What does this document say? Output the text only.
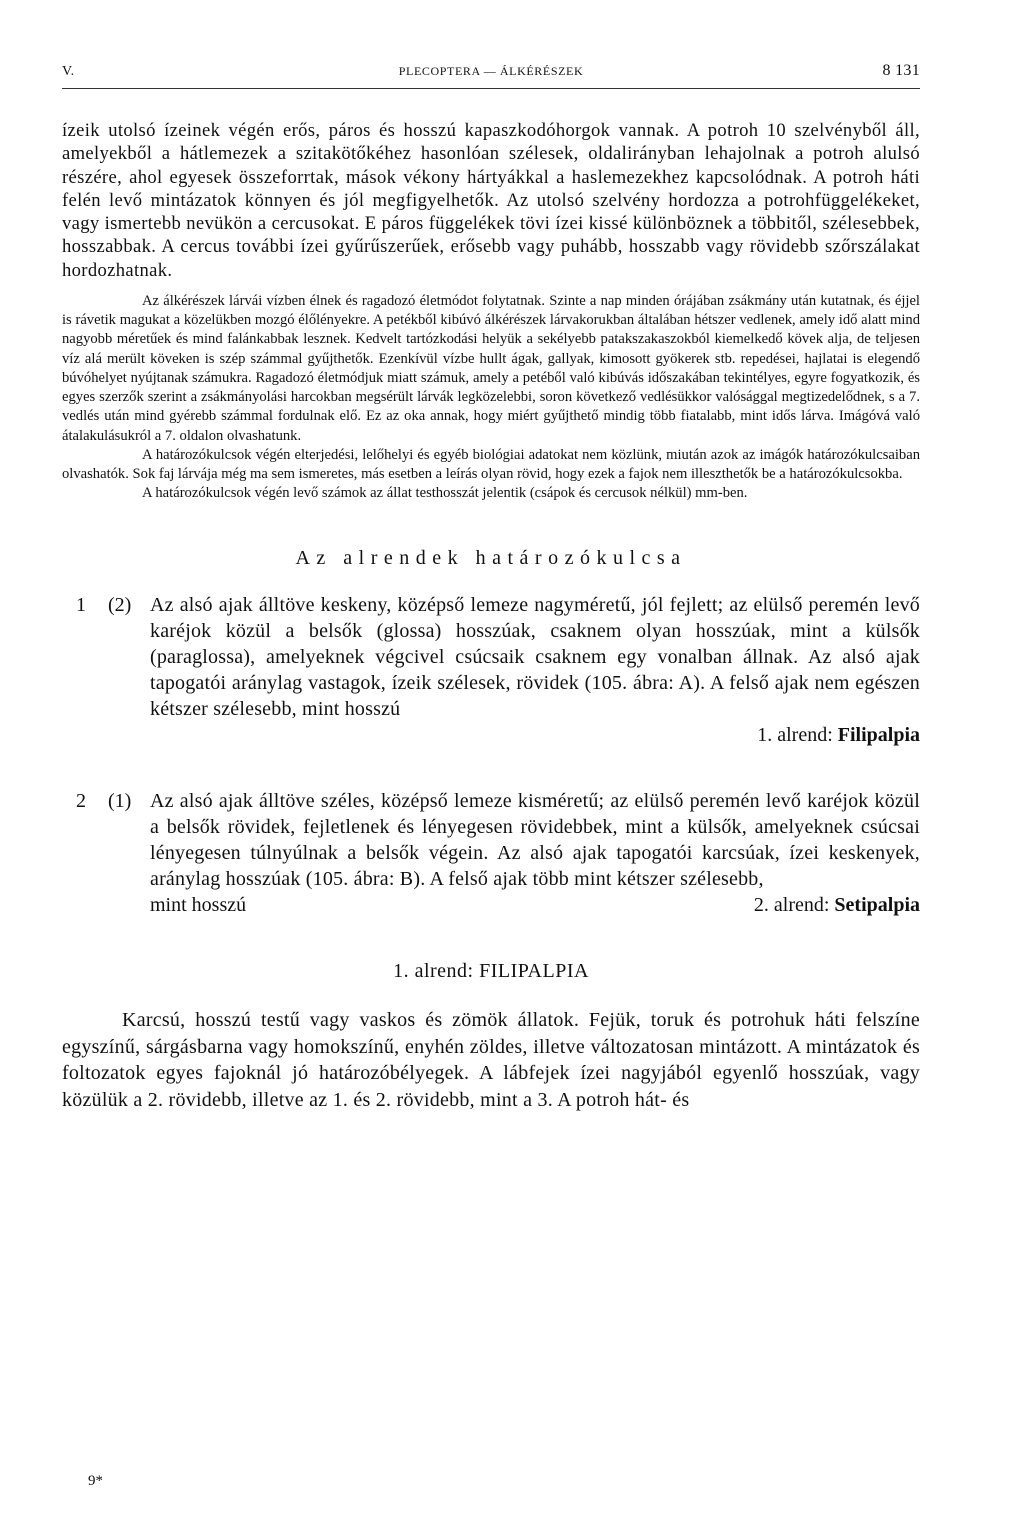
V.	PLECOPTERA — ÁLKÉRÉSZEK	8 131

ízeik utolsó ízeinek végén erős, páros és hosszú kapaszkodóhorgok vannak. A potroh 10 szelvényből áll, amelyekből a hátlemezek a szitakötőkéhez hasonlóan szélesek, oldalirányban lehajolnak a potroh alulsó részére, ahol egyesek összeforrtak, mások vékony hártyákkal a haslemezekhez kapcsolódnak. A potroh háti felén levő mintázatok könnyen és jól megfigyelhetők. Az utolsó szelvény hordozza a potrohfüggelékeket, vagy ismertebb nevükön a cercusokat. E páros függelékek tövi ízei kissé különböznek a többitől, szélesebbek, hosszabbak. A cercus további ízei gyűrűszerűek, erősebb vagy puhább, hosszabb vagy rövidebb szőrszálakat hordozhatnak.

Az álkérészek lárvái vízben élnek és ragadozó életmódot folytatnak. Szinte a nap minden órájában zsákmány után kutatnak, és éjjel is rávetik magukat a közelükben mozgó élőlényekre. A petékből kibúvó álkérészek lárvakorukban általában hétszer vedlenek, amely idő alatt mind nagyobb méretűek és mind falánkabbak lesznek. Kedvelt tartózkodási helyük a sekélyebb patakszakaszokból kiemelkedő kövek alja, de teljesen víz alá merült köveken is szép számmal gyűjthetők. Ezenkívül vízbe hullt ágak, gallyak, kimosott gyökerek stb. repedései, hajlatai is elegendő búvóhelyet nyújtanak számukra. Ragadozó életmódjuk miatt számuk, amely a petéből való kibúvás időszakában tekintélyes, egyre fogyatkozik, és egyes szerzők szerint a zsákmányolási harcokban megsérült lárvák legközelebbi, soron következő vedlésükkor valósággal megtizedelődnek, s a 7. vedlés után mind gyérebb számmal fordulnak elő. Ez az oka annak, hogy miért gyűjthető mindig több fiatalabb, mint idős lárva. Imágóvá való átalakulásukról a 7. oldalon olvashatunk.

A határozókulcsok végén elterjedési, lelőhelyi és egyéb biológiai adatokat nem közlünk, miután azok az imágók határozókulcsaiban olvashatók. Sok faj lárvája még ma sem ismeretes, más esetben a leírás olyan rövid, hogy ezek a fajok nem illeszthetők be a határozókulcsokba.

A határozókulcsok végén levő számok az állat testhosszát jelentik (csápok és cercusok nélkül) mm-ben.

Az alrendek határozókulcsa
1 (2) Az alsó ajak álltöve keskeny, középső lemeze nagyméretű, jól fejlett; az elülső peremén levő karéjok közül a belsők (glossa) hosszúak, csaknem olyan hosszúak, mint a külsők (paraglossa), amelyeknek végcivel csúcsaik csaknem egy vonalban állnak. Az alsó ajak tapogatói aránylag vastagok, ízeik szélesek, rövidek (105. ábra: A). A felső ajak nem egészen kétszer szélesebb, mint hosszú
1. alrend: Filipalpia
2 (1) Az alsó ajak álltöve széles, középső lemeze kisméretű; az elülső peremén levő karéjok közül a belsők rövidek, fejletlenek és lényegesen rövidebbek, mint a külsők, amelyeknek csúcsai lényegesen túlnyúlnak a belsők végein. Az alsó ajak tapogatói karcsúak, ízei keskenyek, aránylag hosszúak (105. ábra: B). A felső ajak több mint kétszer szélesebb,
mint hosszú	2. alrend: Setipalpia
1. alrend: FILIPALPIA

Karcsú, hosszú testű vagy vaskos és zömök állatok. Fejük, toruk és potrohuk háti felszíne egyszínű, sárgásbarna vagy homokszínű, enyhén zöldes, illetve változatosan mintázott. A mintázatok és foltozatok egyes fajoknál jó határozóbélyegek. A lábfejek ízei nagyjából egyenlő hosszúak, vagy közülük a 2. rövidebb, illetve az 1. és 2. rövidebb, mint a 3. A potroh hát- és

9*
